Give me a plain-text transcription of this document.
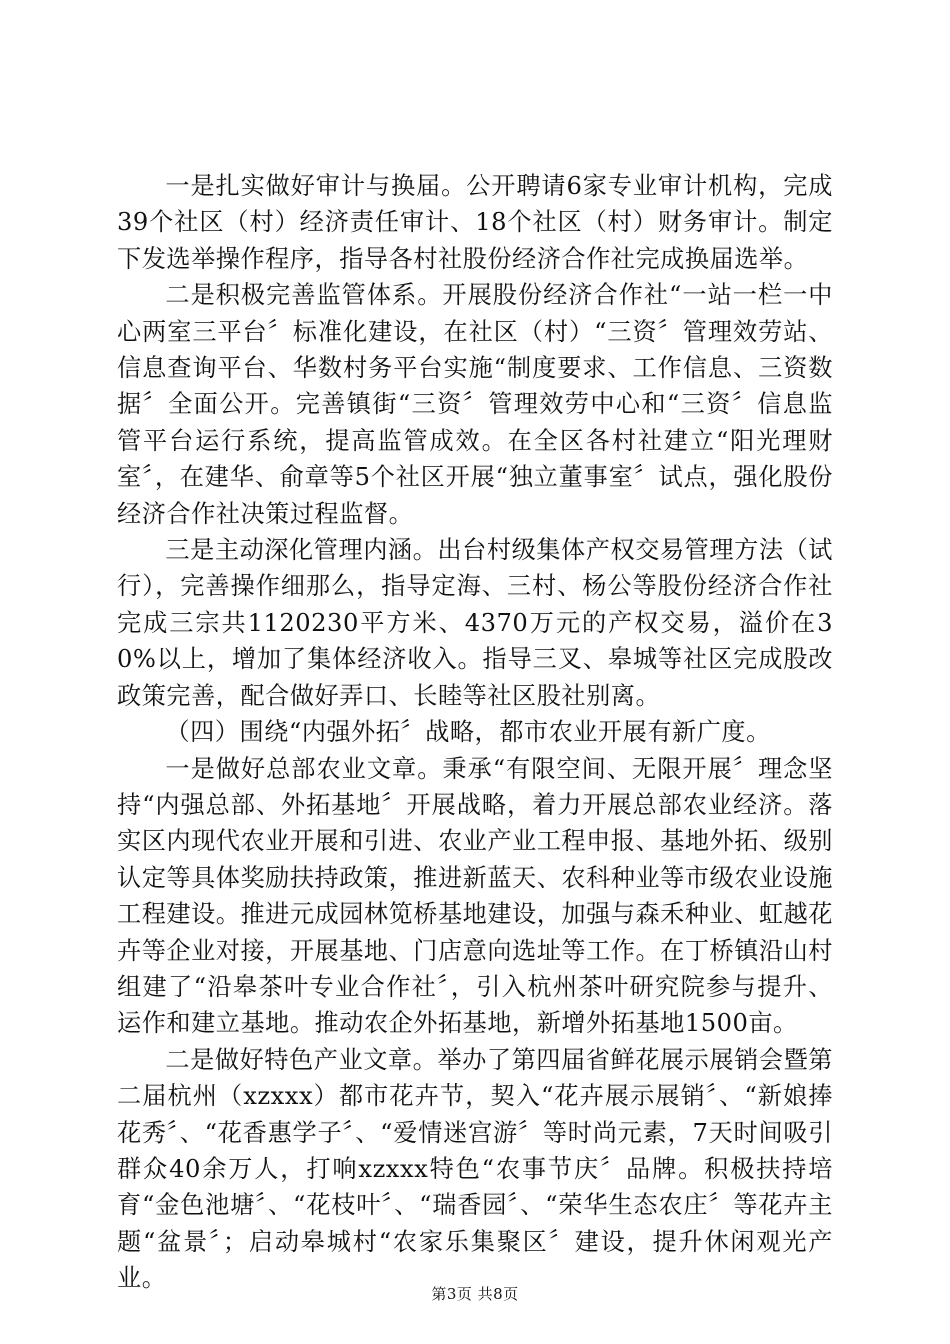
一是扎实做好审计与换届。公开聘请6家专业审计机构，完成39个社区（村）经济责任审计、18个社区（村）财务审计。制定下发选举操作程序，指导各村社股份经济合作社完成换届选举。

二是积极完善监管体系。开展股份经济合作社“一站一栏一中心两室三平台〞标准化建设，在社区（村）“三资〞管理效劳站、信息查询平台、华数村务平台实施“制度要求、工作信息、三资数据〞全面公开。完善镇街“三资〞管理效劳中心和“三资〞信息监管平台运行系统，提高监管成效。在全区各村社建立“阳光理财室〞，在建华、俞章等5个社区开展“独立董事室〞试点，强化股份经济合作社决策过程监督。

三是主动深化管理内涵。出台村级集体产权交易管理方法（试行），完善操作细那么，指导定海、三村、杨公等股份经济合作社完成三宗共1120230平方米、4370万元的产权交易，溢价在30%以上，增加了集体经济收入。指导三叉、皋城等社区完成股改政策完善，配合做好弄口、长睦等社区股社别离。

（四）围绕“内强外拓〞战略，都市农业开展有新广度。

一是做好总部农业文章。秉承“有限空间、无限开展〞理念坚持“内强总部、外拓基地〞开展战略，着力开展总部农业经济。落实区内现代农业开展和引进、农业产业工程申报、基地外拓、级别认定等具体奖励扶持政策，推进新蓝天、农科种业等市级农业设施工程建设。推进元成园林笕桥基地建设，加强与森禾种业、虹越花卉等企业对接，开展基地、门店意向选址等工作。在丁桥镇沿山村组建了“沿皋茶叶专业合作社〞，引入杭州茶叶研究院参与提升、运作和建立基地。推动农企外拓基地，新增外拓基地1500亩。

二是做好特色产业文章。举办了第四届省鲜花展示展销会暨第二届杭州（xzxxx）都市花卉节，契入“花卉展示展销〞、“新娘捧花秀〞、“花香惠学子〞、“爱情迷宫游〞等时尚元素，7天时间吸引群众40余万人，打响xzxxx特色“农事节庆〞品牌。积极扶持培育“金色池塘〞、“花枝叶〞、“瑞香园〞、“荣华生态农庄〞等花卉主题“盆景〞；启动皋城村“农家乐集聚区〞建设，提升休闲观光产业。

第3页 共8页
